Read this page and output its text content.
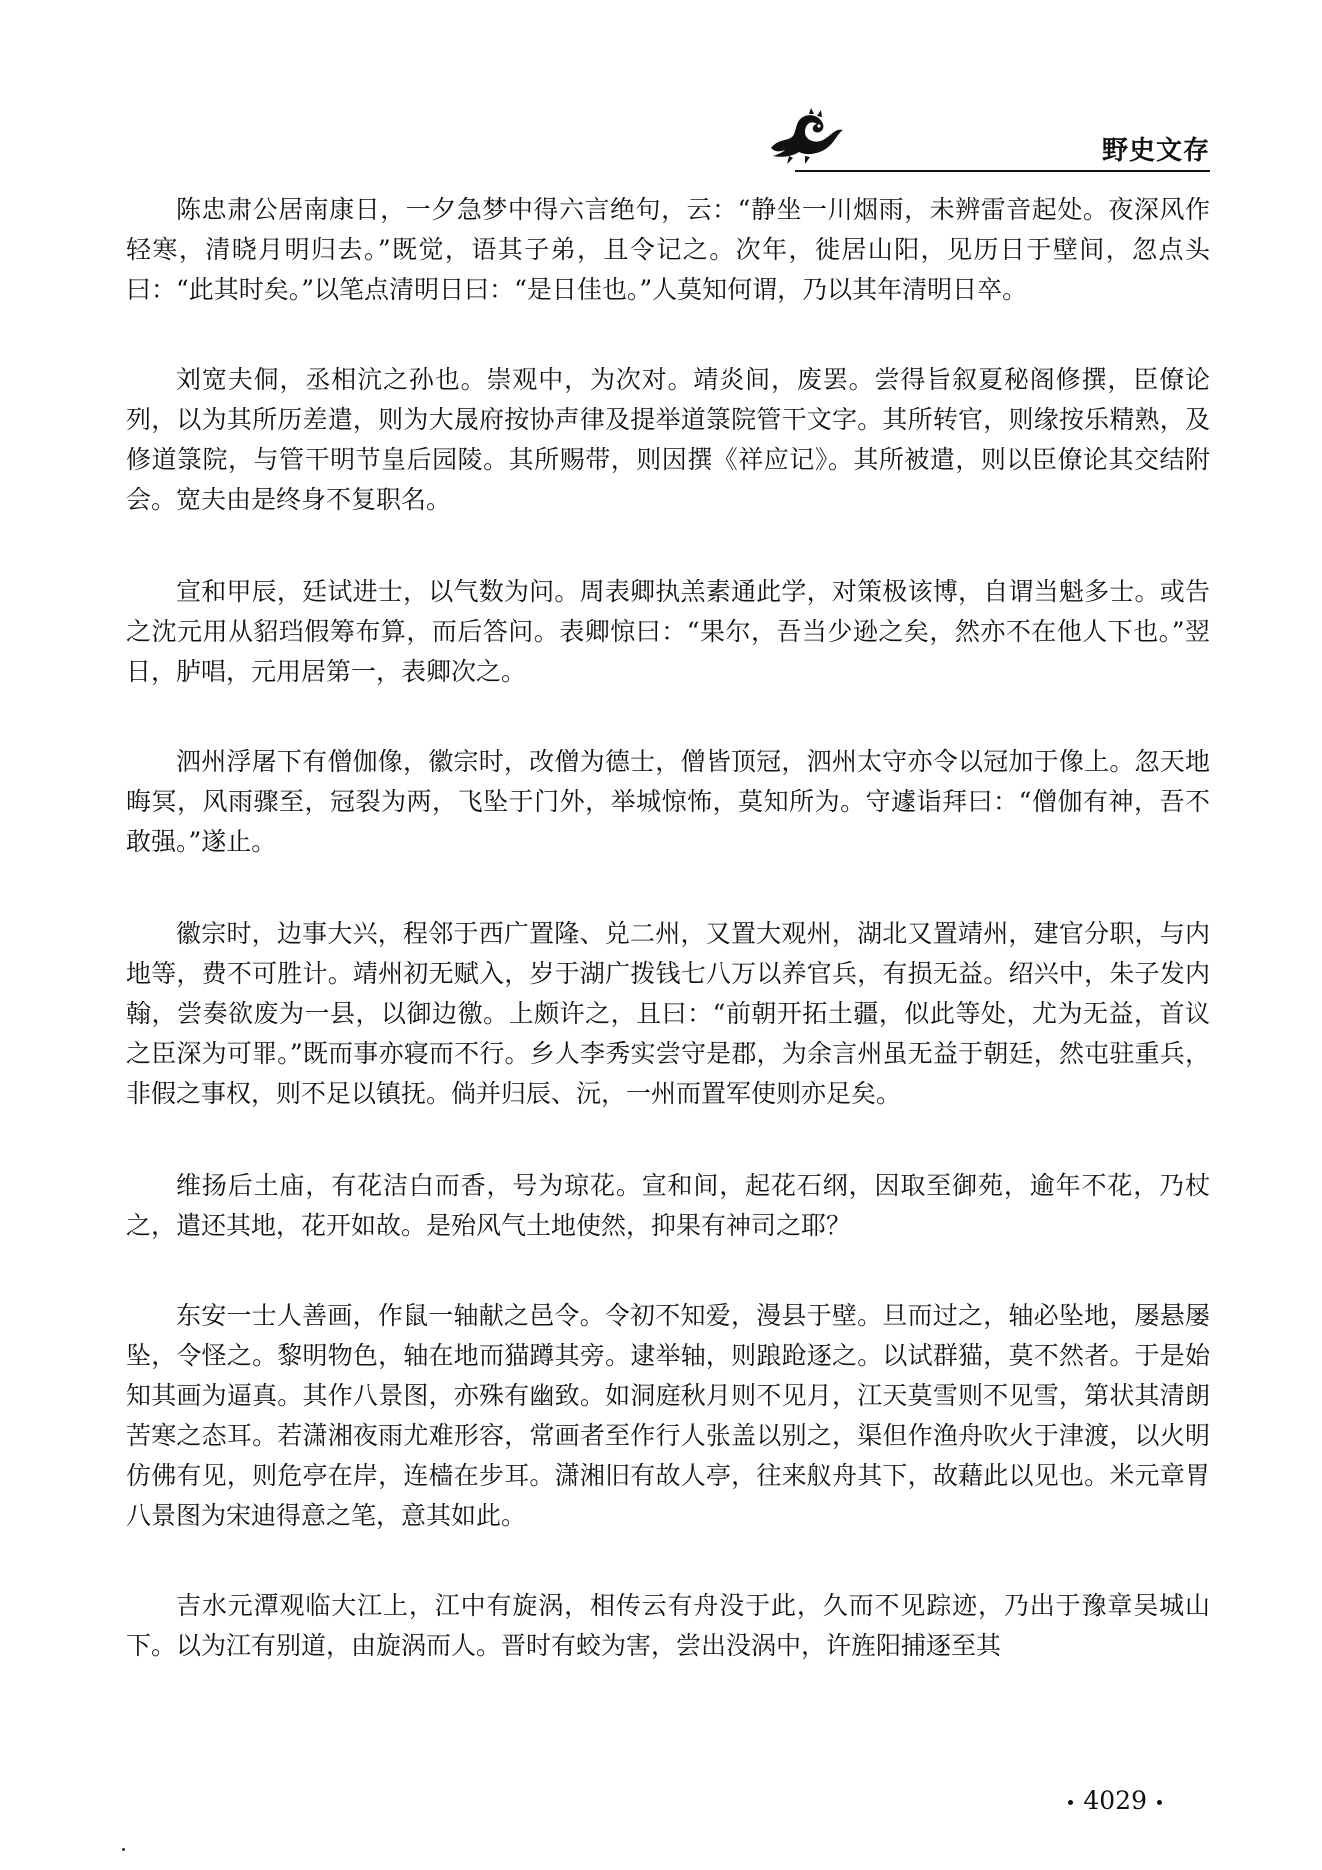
野史文存

陈忠肃公居南康日，一夕急梦中得六言绝句，云：“静坐一川烟雨，未辨雷音起处。夜深风作轻寒，清晓月明归去。”既觉，语其子弟，且令记之。次年，徙居山阳，见历日于壁间，忽点头曰：“此其时矣。”以笔点清明日曰：“是日佳也。”人莫知何谓，乃以其年清明日卒。

刘宽夫侗，丞相沆之孙也。崇观中，为次对。靖炎间，废罢。尝得旨叙夏秘阁修撰，臣僚论列，以为其所历差遣，则为大晟府按协声律及提举道箓院管干文字。其所转官，则缘按乐精熟，及修道箓院，与管干明节皇后园陵。其所赐带，则因撰《祥应记》。其所被遣，则以臣僚论其交结附会。宽夫由是终身不复职名。

宣和甲辰，廷试进士，以气数为问。周表卿执羔素通此学，对策极该博，自谓当魁多士。或告之沈元用从貂珰假筹布算，而后答问。表卿惊曰：“果尔，吾当少逊之矣，然亦不在他人下也。”翌日，胪唱，元用居第一，表卿次之。

泗州浮屠下有僧伽像，徽宗时，改僧为德士，僧皆顶冠，泗州太守亦令以冠加于像上。忽天地晦冥，风雨骤至，冠裂为两，飞坠于门外，举城惊怖，莫知所为。守遽诣拜曰：“僧伽有神，吾不敢强。”遂止。

徽宗时，边事大兴，程邻于西广置隆、兑二州，又置大观州，湖北又置靖州，建官分职，与内地等，费不可胜计。靖州初无赋入，岁于湖广拨钱七八万以养官兵，有损无益。绍兴中，朱子发内翰，尝奏欲废为一县，以御边徼。上颇许之，且曰：“前朝开拓土疆，似此等处，尤为无益，首议之臣深为可罪。”既而事亦寝而不行。乡人李秀实尝守是郡，为余言州虽无益于朝廷，然屯驻重兵，非假之事权，则不足以镇抚。倘并归辰、沅，一州而置军使则亦足矣。

维扬后土庙，有花洁白而香，号为琼花。宣和间，起花石纲，因取至御苑，逾年不花，乃杖之，遣还其地，花开如故。是殆风气土地使然，抑果有神司之耶？

东安一士人善画，作鼠一轴献之邑令。令初不知爱，漫县于壁。旦而过之，轴必坠地，屡悬屡坠，令怪之。黎明物色，轴在地而猫蹲其旁。逮举轴，则踉跄逐之。以试群猫，莫不然者。于是始知其画为逼真。其作八景图，亦殊有幽致。如洞庭秋月则不见月，江天莫雪则不见雪，第状其清朗苦寒之态耳。若潇湘夜雨尤难形容，常画者至作行人张盖以别之，渠但作渔舟吹火于津渡，以火明仿佛有见，则危亭在岸，连樯在步耳。潇湘旧有故人亭，往来舣舟其下，故藉此以见也。米元章胃八景图为宋迪得意之笔，意其如此。

吉水元潭观临大江上，江中有旋涡，相传云有舟没于此，久而不见踪迹，乃出于豫章吴城山下。以为江有别道，由旋涡而人。晋时有蛟为害，尝出没涡中，许旌阳捕逐至其

4029
